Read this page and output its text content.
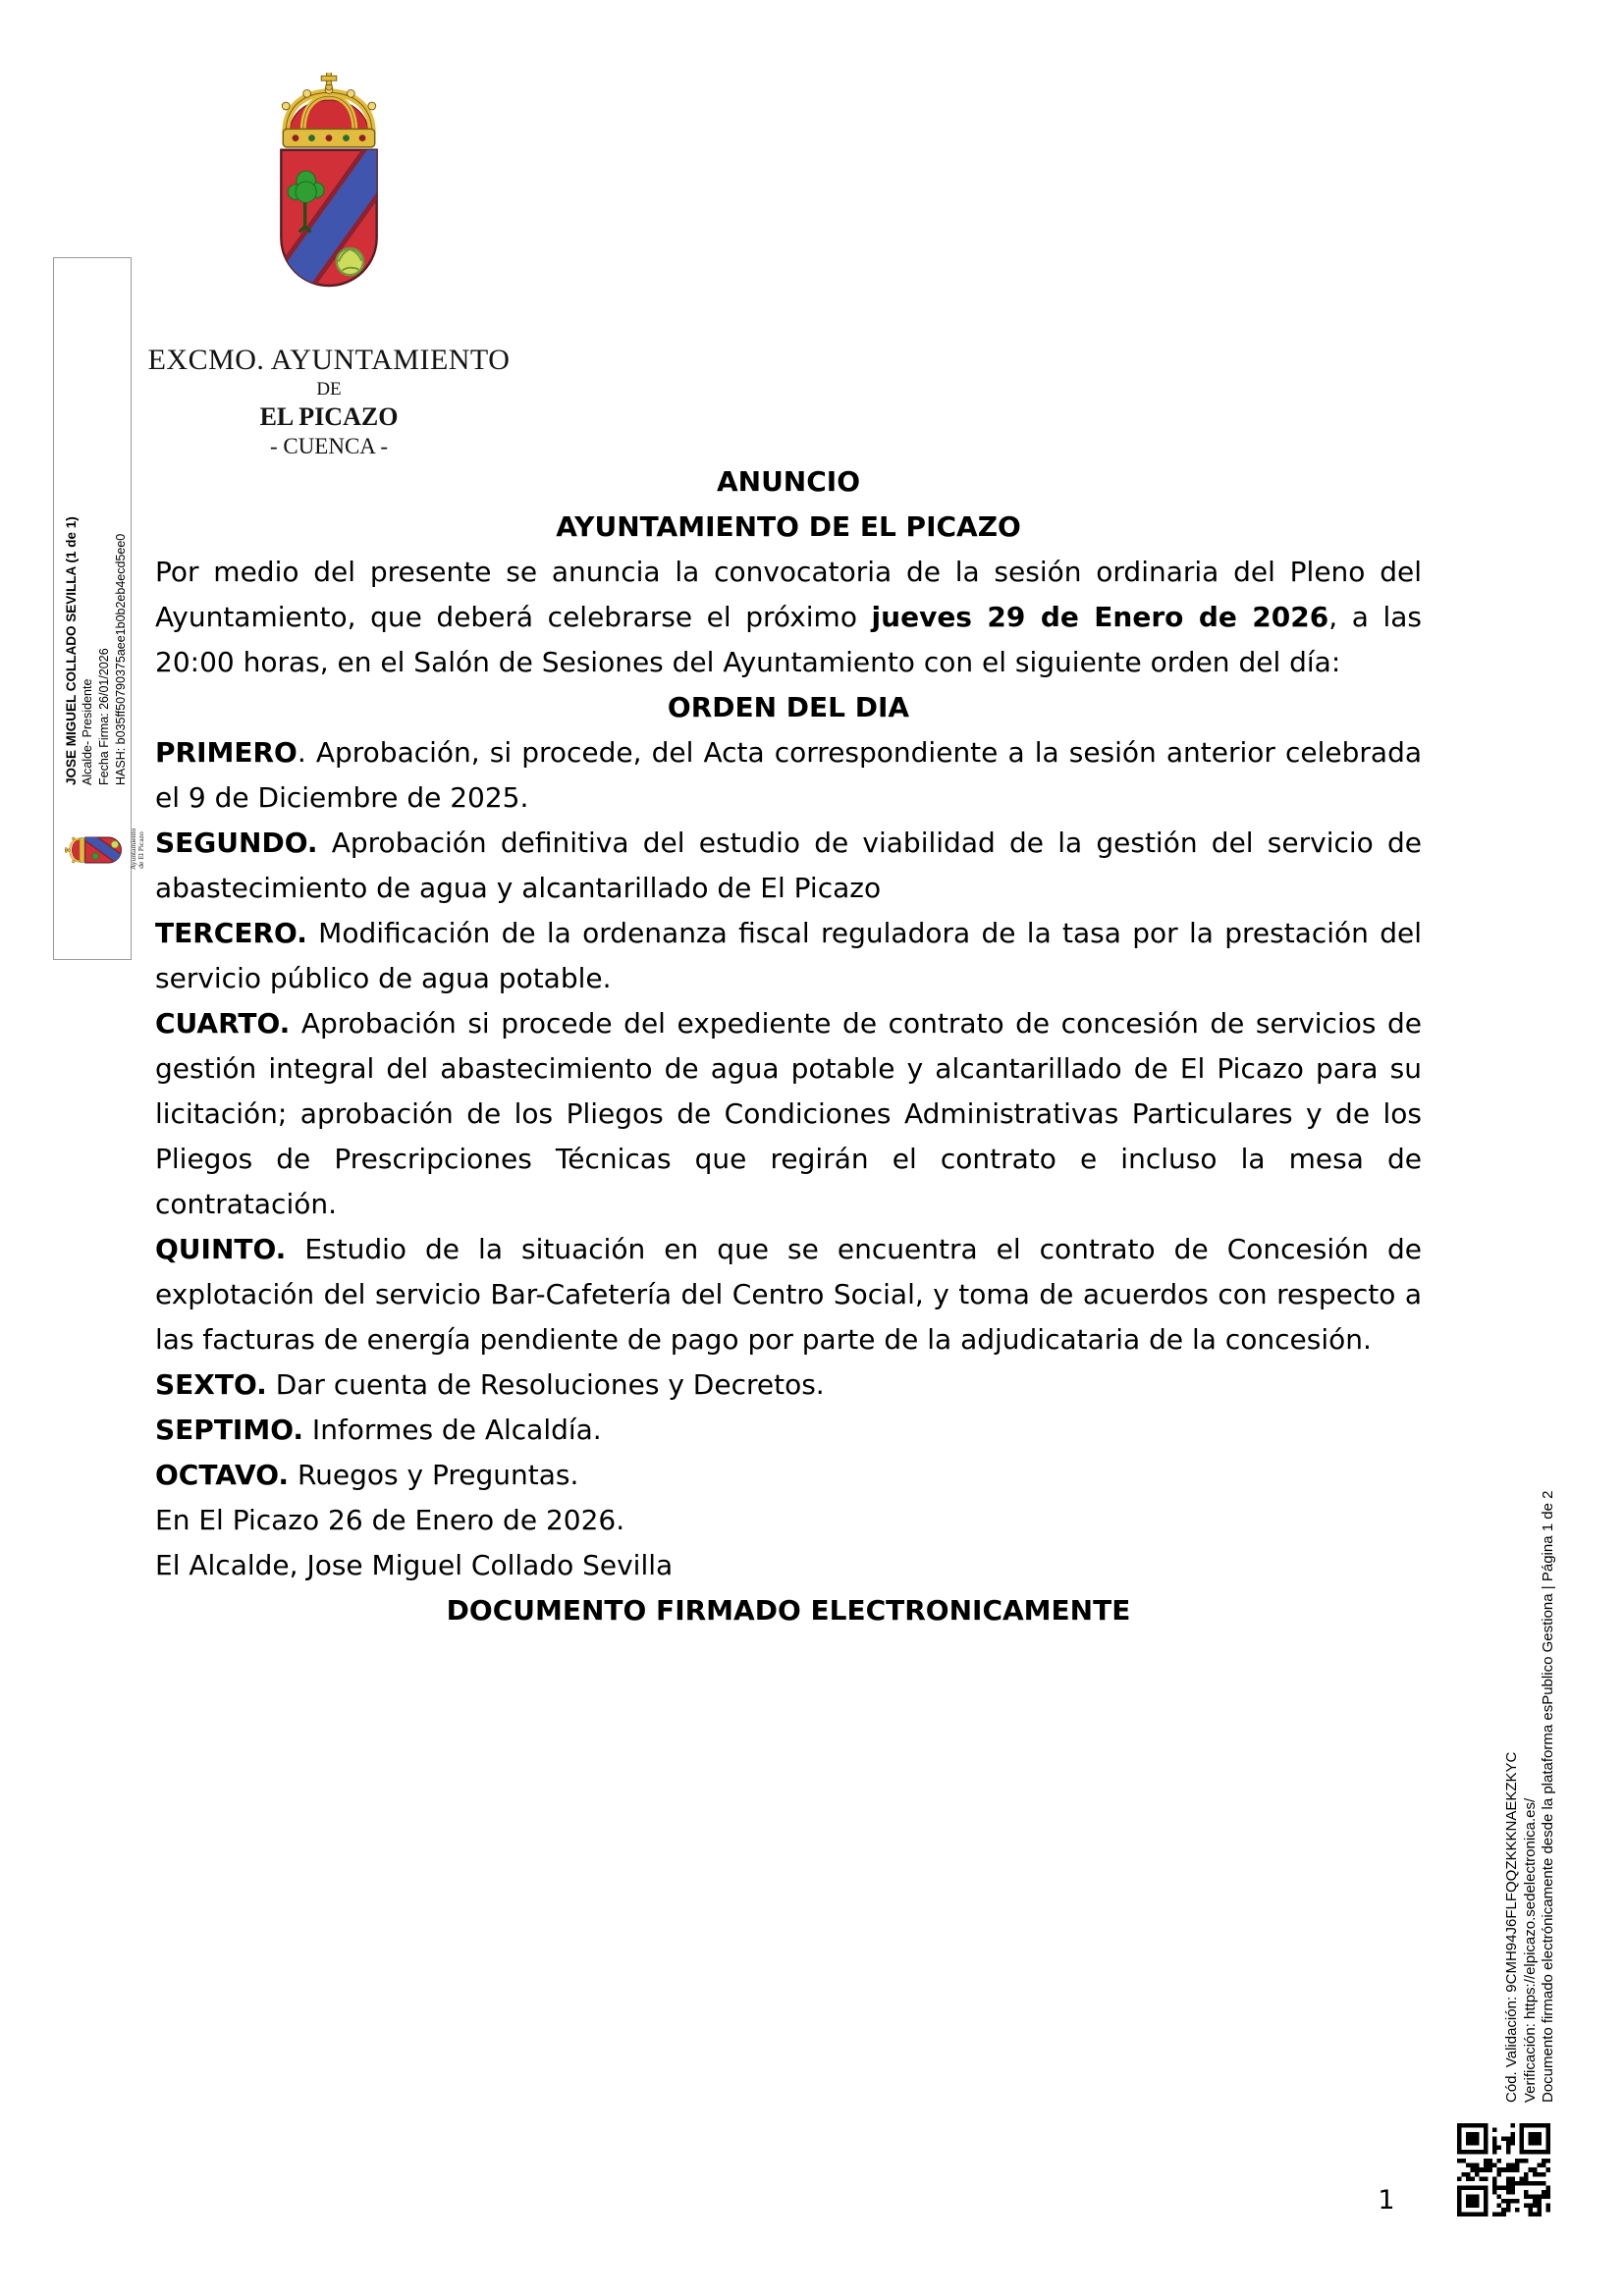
EXCMO. AYUNTAMIENTO
DE
EL PICAZO
- CUENCA -
JOSE MIGUEL COLLADO SEVILLA (1 de 1) Alcalde- Presidente Fecha Firma: 26/01/2026 HASH: b035ff50790375aee1b0b2eb4ecd5ee0
Ayuntamiento de El Picazo
ANUNCIO
AYUNTAMIENTO DE EL PICAZO

Por medio del presente se anuncia la convocatoria de la sesión ordinaria del Pleno del Ayuntamiento, que deberá celebrarse el próximo jueves 29 de Enero de 2026, a las 20:00 horas, en el Salón de Sesiones del Ayuntamiento con el siguiente orden del día:

ORDEN DEL DIA

PRIMERO. Aprobación, si procede, del Acta correspondiente a la sesión anterior celebrada el 9 de Diciembre de 2025.

SEGUNDO. Aprobación definitiva del estudio de viabilidad de la gestión del servicio de abastecimiento de agua y alcantarillado de El Picazo

TERCERO. Modificación de la ordenanza fiscal reguladora de la tasa por la prestación del servicio público de agua potable.

CUARTO. Aprobación si procede del expediente de contrato de concesión de servicios de gestión integral del abastecimiento de agua potable y alcantarillado de El Picazo para su licitación; aprobación de los Pliegos de Condiciones Administrativas Particulares y de los Pliegos de Prescripciones Técnicas que regirán el contrato e incluso la mesa de contratación.

QUINTO. Estudio de la situación en que se encuentra el contrato de Concesión de explotación del servicio Bar-Cafetería del Centro Social, y toma de acuerdos con respecto a las facturas de energía pendiente de pago por parte de la adjudicataria de la concesión.

SEXTO. Dar cuenta de Resoluciones y Decretos.

SEPTIMO. Informes de Alcaldía.

OCTAVO. Ruegos y Preguntas.

En El Picazo 26 de Enero de 2026.

El Alcalde, Jose Miguel Collado Sevilla

DOCUMENTO FIRMADO ELECTRONICAMENTE

Cód. Validación: 9CMH94J6FLFQQZKKKNAEKZKYC Verificación: https://elpicazo.sedelectronica.es/ Documento firmado electrónicamente desde la plataforma esPublico Gestiona | Página 1 de 2
1
